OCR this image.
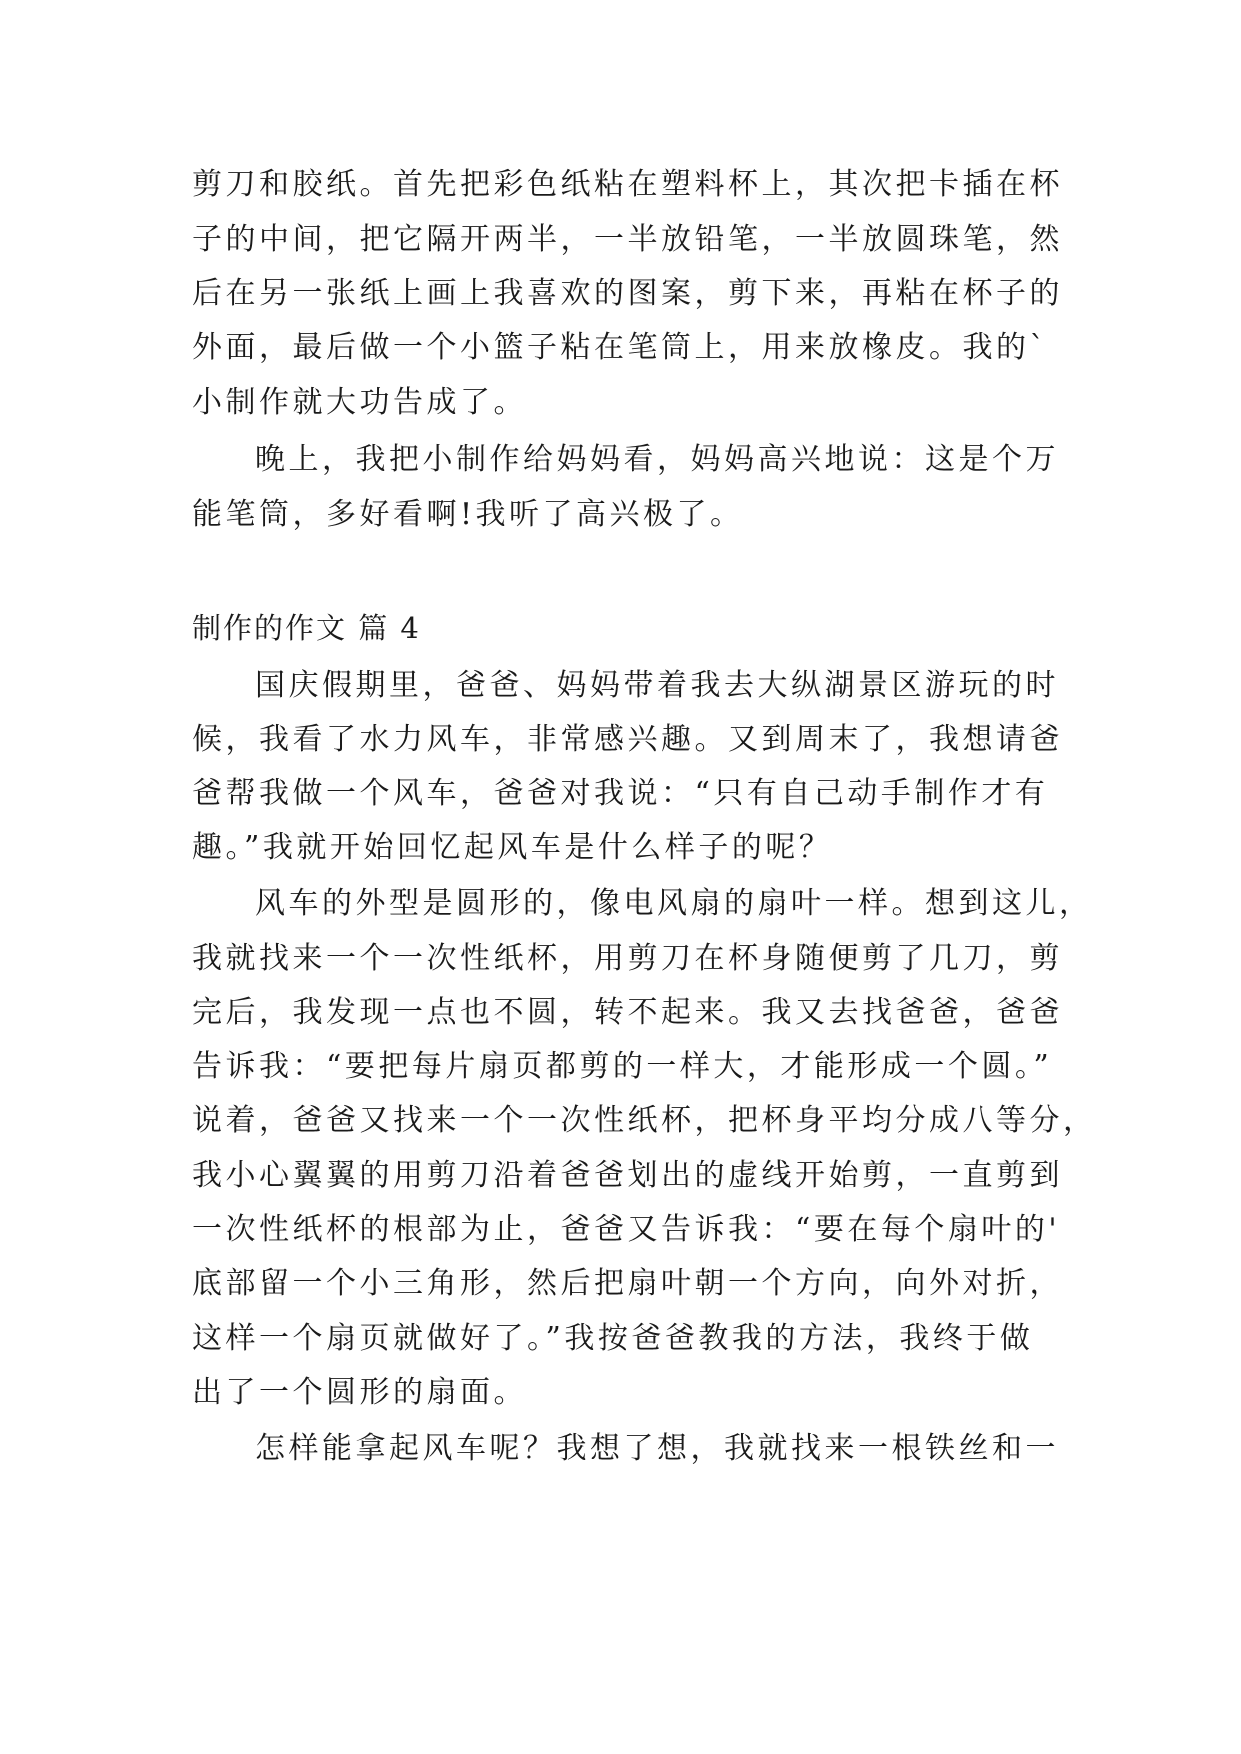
剪刀和胶纸。首先把彩色纸粘在塑料杯上，其次把卡插在杯
子的中间，把它隔开两半，一半放铅笔，一半放圆珠笔，然
后在另一张纸上画上我喜欢的图案，剪下来，再粘在杯子的
外面，最后做一个小篮子粘在笔筒上，用来放橡皮。我的`
小制作就大功告成了。
晚上，我把小制作给妈妈看，妈妈高兴地说：这是个万
能笔筒，多好看啊!我听了高兴极了。
制作的作文 篇 4
国庆假期里，爸爸、妈妈带着我去大纵湖景区游玩的时
候，我看了水力风车，非常感兴趣。又到周末了，我想请爸
爸帮我做一个风车，爸爸对我说：“只有自己动手制作才有
趣。”我就开始回忆起风车是什么样子的呢？
风车的外型是圆形的，像电风扇的扇叶一样。想到这儿，
我就找来一个一次性纸杯，用剪刀在杯身随便剪了几刀，剪
完后，我发现一点也不圆，转不起来。我又去找爸爸，爸爸
告诉我：“要把每片扇页都剪的一样大，才能形成一个圆。”
说着，爸爸又找来一个一次性纸杯，把杯身平均分成八等分，
我小心翼翼的用剪刀沿着爸爸划出的虚线开始剪，一直剪到
一次性纸杯的根部为止，爸爸又告诉我：“要在每个扇叶的'
底部留一个小三角形，然后把扇叶朝一个方向，向外对折，
这样一个扇页就做好了。”我按爸爸教我的方法，我终于做
出了一个圆形的扇面。
怎样能拿起风车呢？我想了想，我就找来一根铁丝和一
